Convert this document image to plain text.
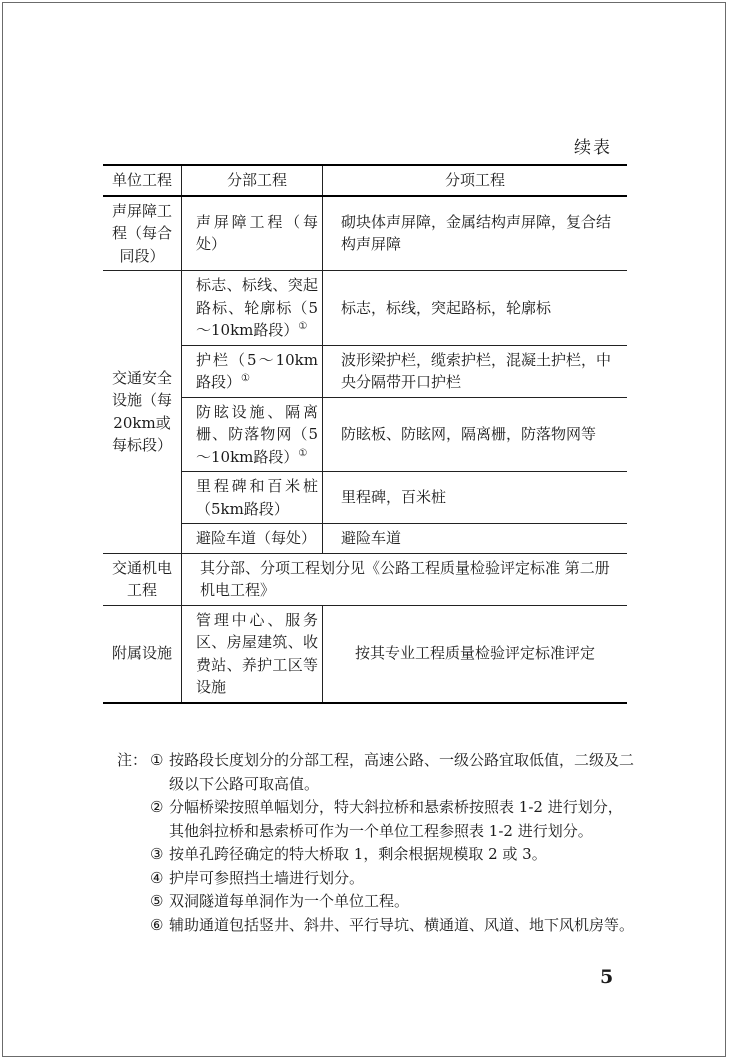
续表
单位工程	分部工程	分项工程
声屏障工程（每合同段）	声屏障工程（每处）	砌块体声屏障，金属结构声屏障，复合结构声屏障
交通安全设施（每20km或每标段）	标志、标线、突起路标、轮廓标（5～10km路段）①	标志，标线，突起路标，轮廓标
	护栏（5～10km路段）①	波形梁护栏，缆索护栏，混凝土护栏，中央分隔带开口护栏
	防眩设施、隔离栅、防落物网（5～10km路段）①	防眩板、防眩网，隔离栅，防落物网等
	里程碑和百米桩（5km路段）	里程碑，百米桩
	避险车道（每处）	避险车道
交通机电工程	其分部、分项工程划分见《公路工程质量检验评定标准 第二册 机电工程》	
附属设施	管理中心、服务区、房屋建筑、收费站、养护工区等设施	按其专业工程质量检验评定标准评定
注： ① 按路段长度划分的分部工程，高速公路、一级公路宜取低值，二级及二级以下公路可取高值。
② 分幅桥梁按照单幅划分，特大斜拉桥和悬索桥按照表 1-2 进行划分，其他斜拉桥和悬索桥可作为一个单位工程参照表 1-2 进行划分。
③ 按单孔跨径确定的特大桥取 1，剩余根据规模取 2 或 3。
④ 护岸可参照挡土墙进行划分。
⑤ 双洞隧道每单洞作为一个单位工程。
⑥ 辅助通道包括竖井、斜井、平行导坑、横通道、风道、地下风机房等。
5
